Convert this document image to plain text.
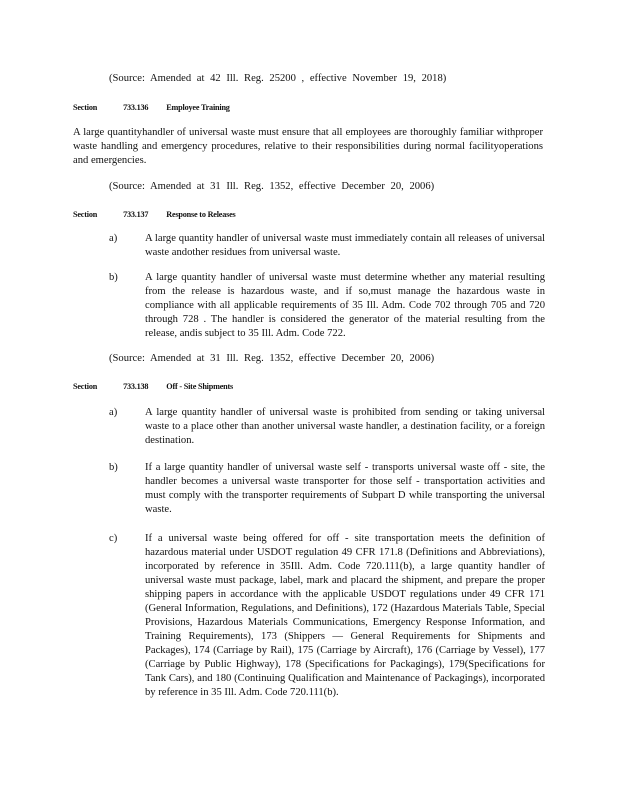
(Source: Amended at 42 Ill. Reg. 25200 , effective November 19, 2018)

Section	733.136 Employee Training

A large quantityhandler of universal waste must ensure that all employees are thoroughly familiar withproper waste handling and emergency procedures, relative to their responsibilities during normal facilityoperations and emergencies.

(Source: Amended at 31 Ill. Reg. 1352, effective December 20, 2006)

Section	733.137 Response to Releases
a)	A large quantity handler of universal waste must immediately contain all releases of universal waste andother residues from universal waste.

b)	A large quantity handler of universal waste must determine whether any material resulting from the release is hazardous waste, and if so,must manage the hazardous waste in compliance with all applicable requirements of 35 Ill. Adm. Code 702 through 705 and 720 through 728 . The handler is considered the generator of the material resulting from the release, andis subject to 35 Ill. Adm. Code 722.

(Source: Amended at 31 Ill. Reg. 1352, effective December 20, 2006)

Section	733.138 Off - Site Shipments
a)	A large quantity handler of universal waste is prohibited from sending or taking universal waste to a place other than another universal waste handler, a destination facility, or a foreign destination.

b)	If a large quantity handler of universal waste self - transports universal waste off - site, the handler becomes a universal waste transporter for those self - transportation activities and must comply with the transporter requirements of Subpart D while transporting the universal waste.

c)	If a universal waste being offered for off - site transportation meets the definition of hazardous material under USDOT regulation 49 CFR 171.8 (Definitions and Abbreviations), incorporated by reference in 35Ill. Adm. Code 720.111(b), a large quantity handler of universal waste must package, label, mark and placard the shipment, and prepare the proper shipping papers in accordance with the applicable USDOT regulations under 49 CFR 171 (General Information, Regulations, and Definitions), 172 (Hazardous Materials Table, Special Provisions, Hazardous Materials Communications, Emergency Response Information, and Training Requirements), 173 (Shippers — General Requirements for Shipments and Packages), 174 (Carriage by Rail), 175 (Carriage by Aircraft), 176 (Carriage by Vessel), 177 (Carriage by Public Highway), 178 (Specifications for Packagings), 179(Specifications for Tank Cars), and 180 (Continuing Qualification and Maintenance of Packagings), incorporated by reference in 35 Ill. Adm. Code 720.111(b).
